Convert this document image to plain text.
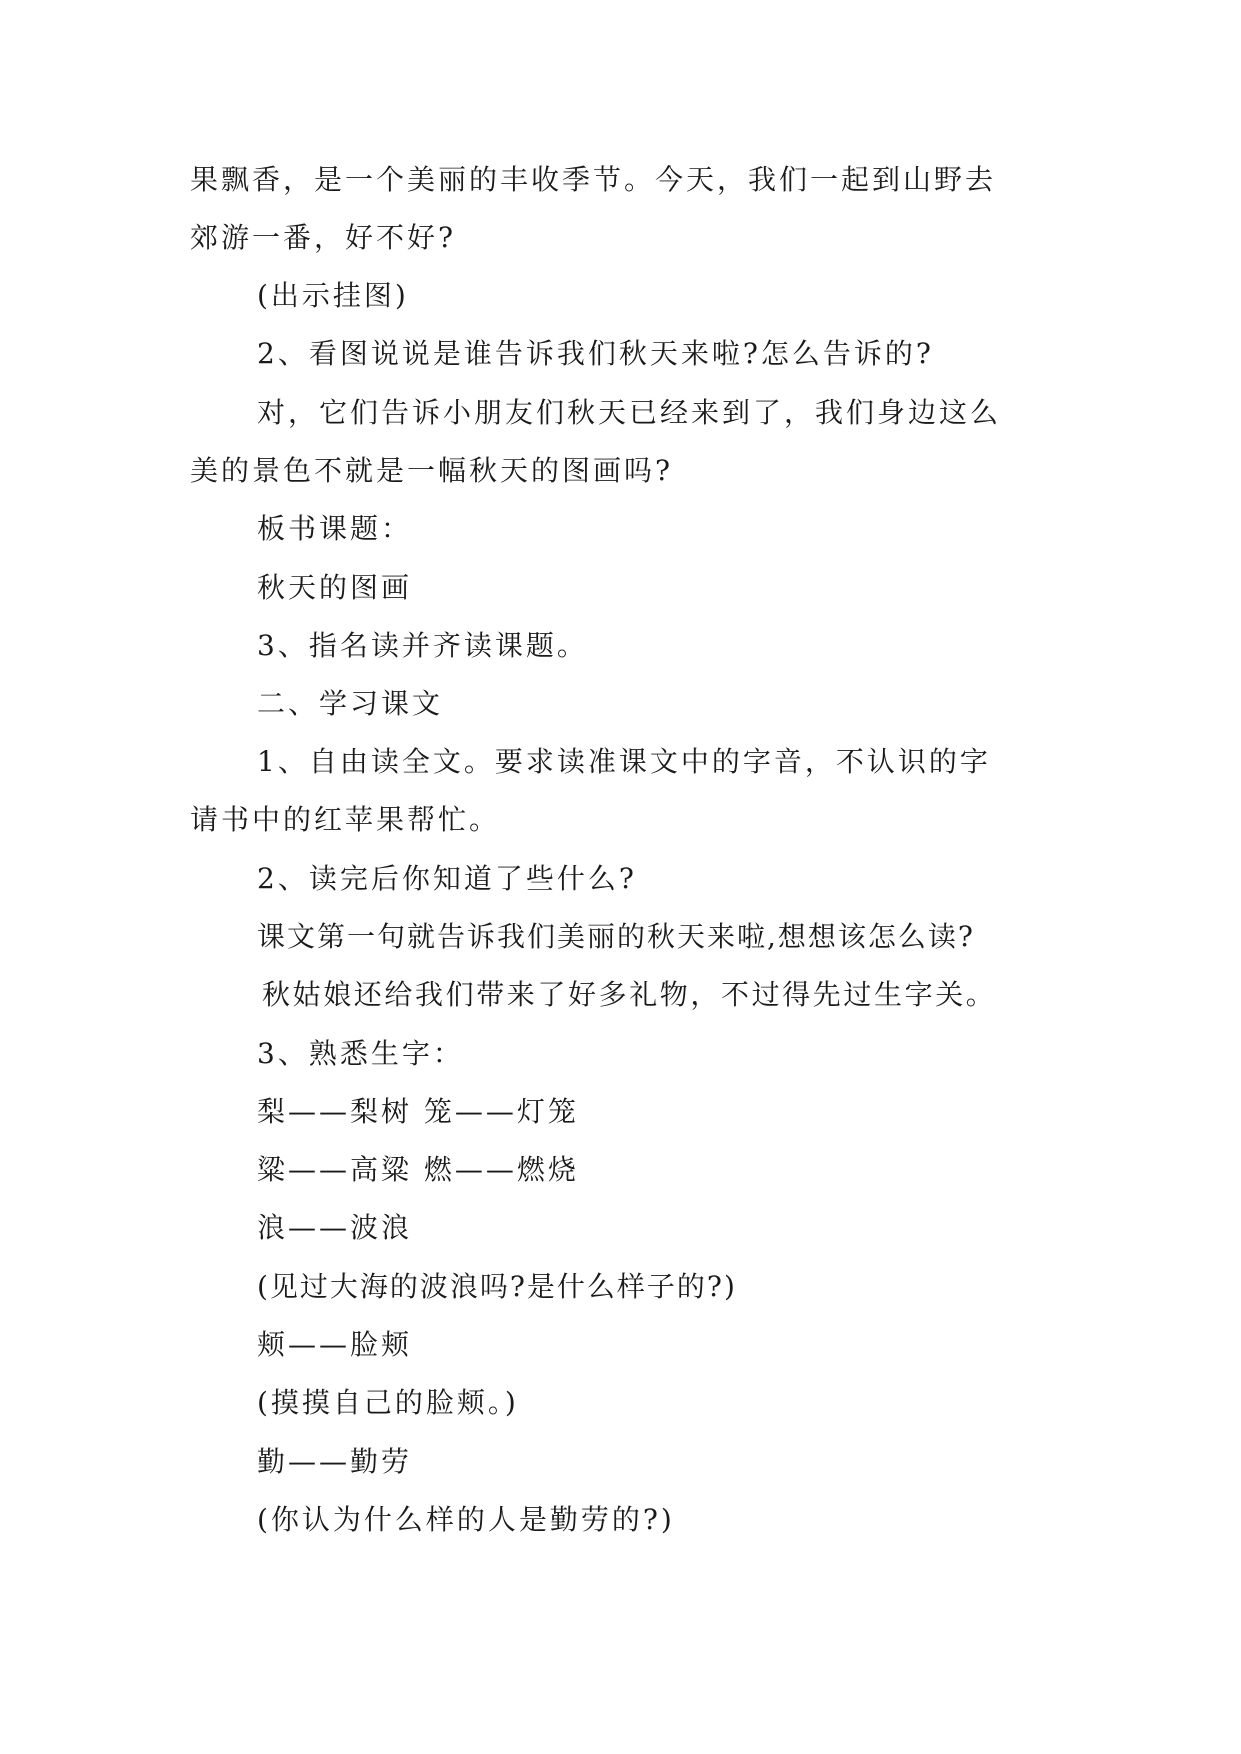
果飘香，是一个美丽的丰收季节。今天，我们一起到山野去
郊游一番，好不好?
(出示挂图)
2、看图说说是谁告诉我们秋天来啦?怎么告诉的?
对，它们告诉小朋友们秋天已经来到了，我们身边这么
美的景色不就是一幅秋天的图画吗?
板书课题：
秋天的图画
3、指名读并齐读课题。
二、学习课文
1、自由读全文。要求读准课文中的字音，不认识的字
请书中的红苹果帮忙。
2、读完后你知道了些什么?
课文第一句就告诉我们美丽的秋天来啦,想想该怎么读?
秋姑娘还给我们带来了好多礼物，不过得先过生字关。
3、熟悉生字：
梨——梨树 笼——灯笼
粱——高粱 燃——燃烧
浪——波浪
(见过大海的波浪吗?是什么样子的?)
颊——脸颊
(摸摸自己的脸颊。)
勤——勤劳
(你认为什么样的人是勤劳的?)
